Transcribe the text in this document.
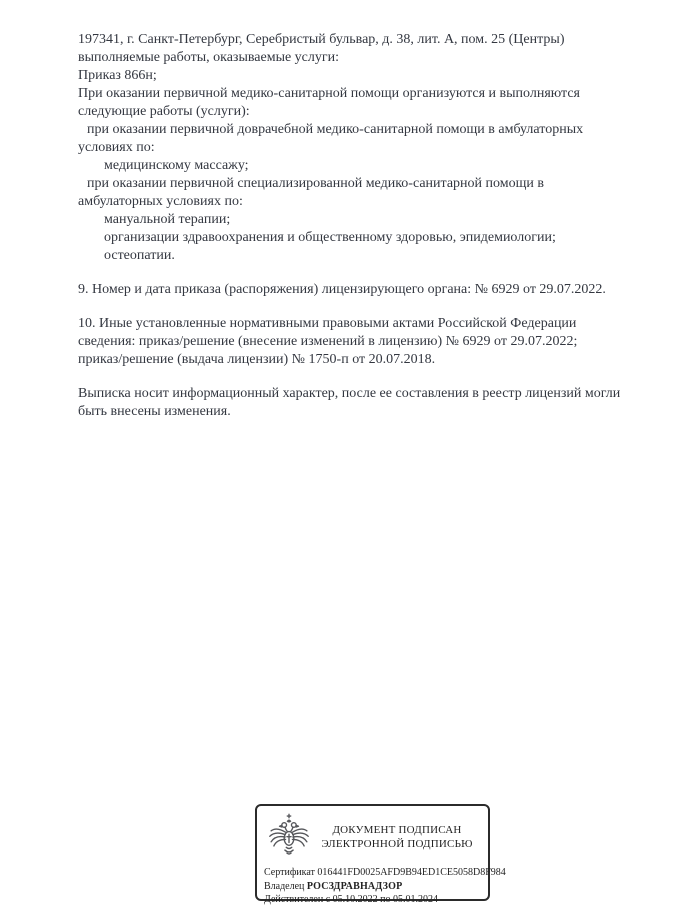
197341, г. Санкт-Петербург, Серебристый бульвар, д. 38, лит. А, пом. 25 (Центры)

выполняемые работы, оказываемые услуги:

Приказ 866н;

При оказании первичной медико-санитарной помощи организуются и выполняются следующие работы (услуги):

при оказании первичной доврачебной медико-санитарной помощи в амбулаторных условиях по:

медицинскому массажу;

при оказании первичной специализированной медико-санитарной помощи в амбулаторных условиях по:

мануальной терапии;

организации здравоохранения и общественному здоровью, эпидемиологии;

остеопатии.

9. Номер и дата приказа (распоряжения) лицензирующего органа: № 6929 от 29.07.2022.

10. Иные установленные нормативными правовыми актами Российской Федерации сведения: приказ/решение (внесение изменений в лицензию) № 6929 от 29.07.2022; приказ/решение (выдача лицензии) № 1750-п от 20.07.2018.

Выписка носит информационный характер, после ее составления в реестр лицензий могли быть внесены изменения.

ДОКУМЕНТ ПОДПИСАН
ЭЛЕКТРОННОЙ ПОДПИСЬЮ
Сертификат 016441FD0025AFD9B94ED1CE5058D8F984
Владелец РОСЗДРАВНАДЗОР
Действителен с 05.10.2022 по 05.01.2024
